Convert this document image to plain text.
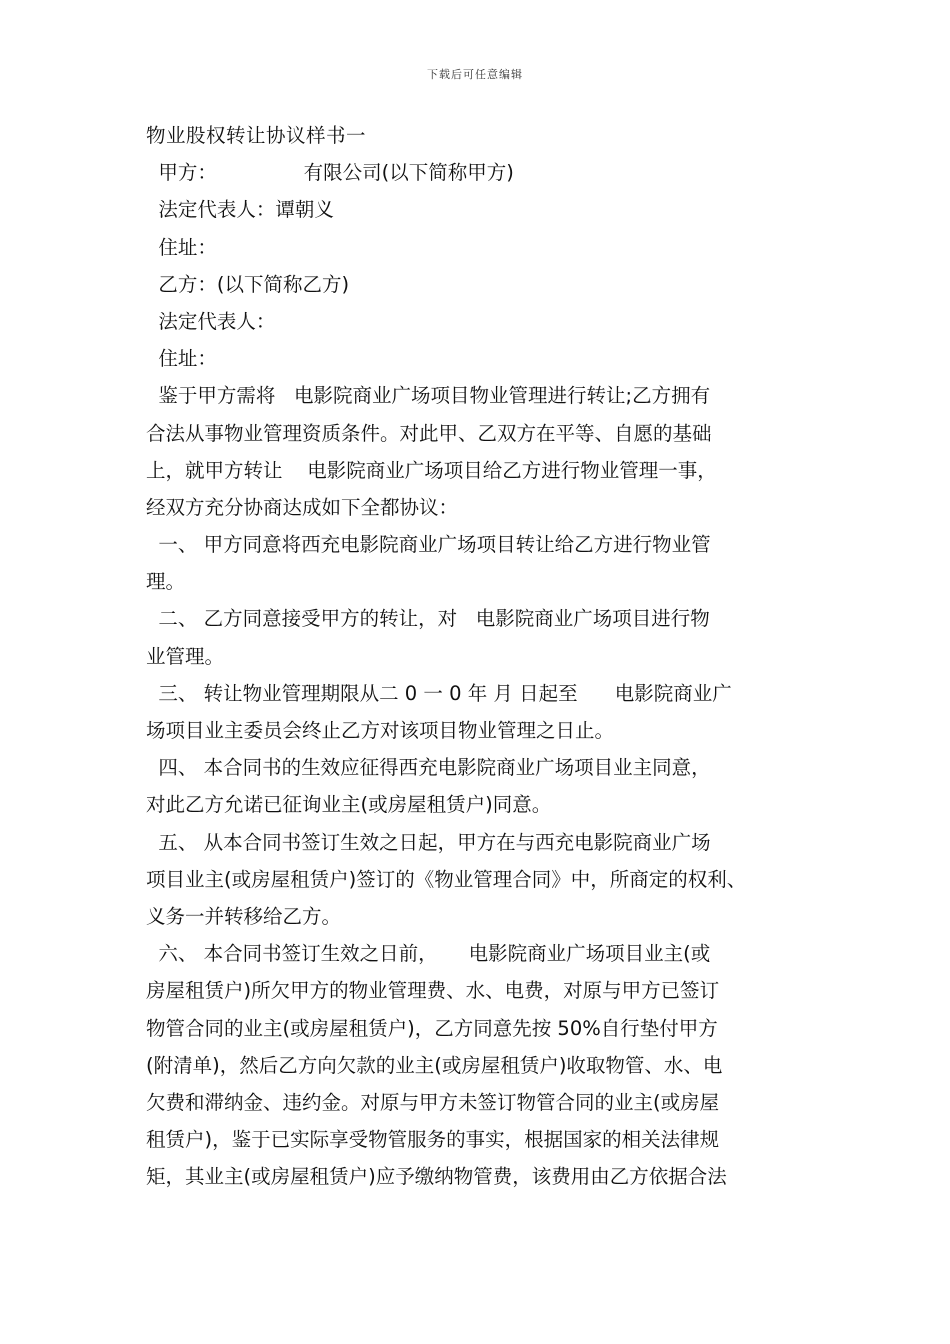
下载后可任意编辑
物业股权转让协议样书一
甲方：              有限公司(以下简称甲方)
法定代表人：谭朝义
住址：
乙方：(以下简称乙方)
法定代表人：
住址：
鉴于甲方需将   电影院商业广场项目物业管理进行转让;乙方拥有
合法从事物业管理资质条件。对此甲、乙双方在平等、自愿的基础
上，就甲方转让    电影院商业广场项目给乙方进行物业管理一事，
经双方充分协商达成如下全都协议：
一、 甲方同意将西充电影院商业广场项目转让给乙方进行物业管
理。
二、 乙方同意接受甲方的转让，对   电影院商业广场项目进行物
业管理。
三、 转让物业管理期限从二 0 一 0 年 月 日起至      电影院商业广
场项目业主委员会终止乙方对该项目物业管理之日止。
四、 本合同书的生效应征得西充电影院商业广场项目业主同意，
对此乙方允诺已征询业主(或房屋租赁户)同意。
五、 从本合同书签订生效之日起，甲方在与西充电影院商业广场
项目业主(或房屋租赁户)签订的《物业管理合同》中，所商定的权利、
义务一并转移给乙方。
六、 本合同书签订生效之日前，     电影院商业广场项目业主(或
房屋租赁户)所欠甲方的物业管理费、水、电费，对原与甲方已签订
物管合同的业主(或房屋租赁户)，乙方同意先按 50%自行垫付甲方
(附清单)，然后乙方向欠款的业主(或房屋租赁户)收取物管、水、电
欠费和滞纳金、违约金。对原与甲方未签订物管合同的业主(或房屋
租赁户)，鉴于已实际享受物管服务的事实，根据国家的相关法律规
矩，其业主(或房屋租赁户)应予缴纳物管费，该费用由乙方依据合法
